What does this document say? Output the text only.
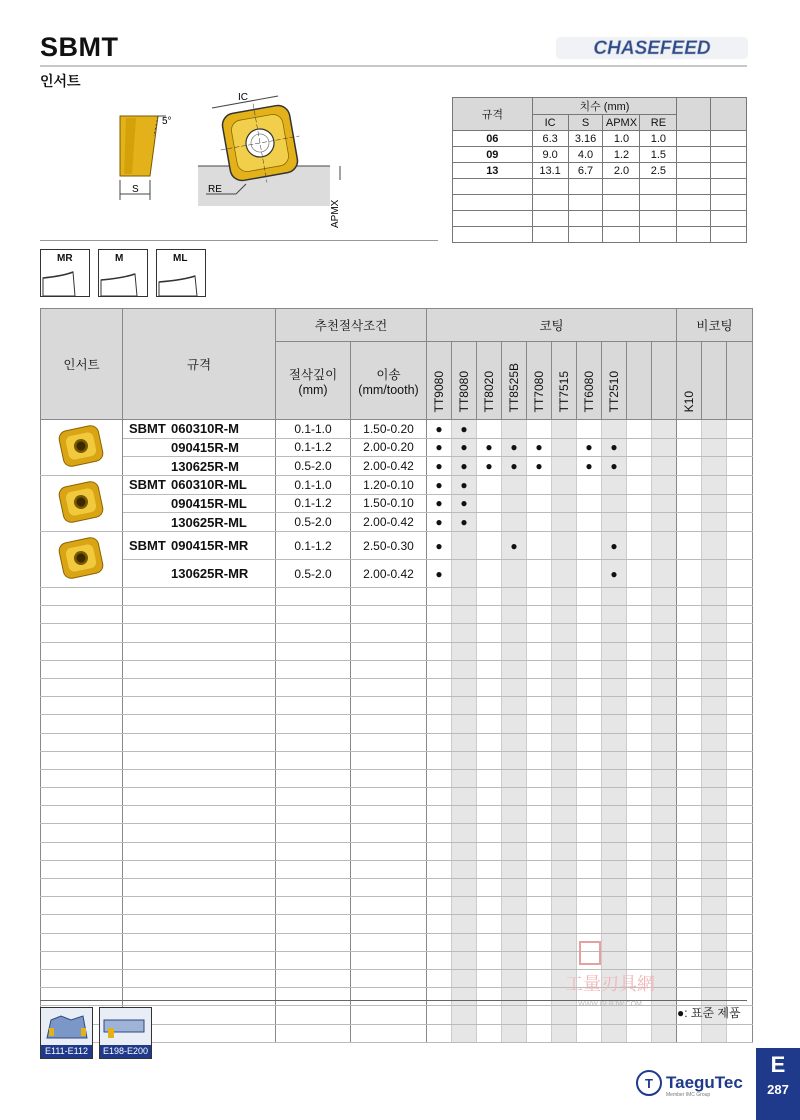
SBMT
인서트
CHASEFEED
5°
S
IC
RE
APMX
규격	치수 (mm)					
	IC	S	APMX	RE		
06	6.3	3.16	1.0	1.0		
09	9.0	4.0	1.2	1.5		
13	13.1	6.7	2.0	2.5		

MR	M	ML
인서트	규격	추천절삭조건		코팅										비코팅		
		절삭깊이 (mm)	이송 (mm/tooth)	TT9080	TT8080	TT8020	TT8525B	TT7080	TT7515	TT6080	TT2510			K10		

	SBMT 060310R-M	0.1-1.0	1.50-0.20	●	●											
	090415R-M	0.1-1.2	2.00-0.20	●	●	●	●	●		●	●					
	130625R-M	0.5-2.0	2.00-0.42	●	●	●	●	●		●	●					
	SBMT 060310R-ML	0.1-1.0	1.20-0.10	●	●											
	090415R-ML	0.1-1.2	1.50-0.10	●	●											
	130625R-ML	0.5-2.0	2.00-0.42	●	●											
	SBMT 090415R-MR	0.1-1.2	2.50-0.30	●			●				●					
	130625R-MR	0.5-2.0	2.00-0.42	●							●					

●: 표준 제품
E111-E112	E198-E200
工量刃具網
WWW.GLRJW.COM
T TaeguTec
Member IMC Group
E
287
